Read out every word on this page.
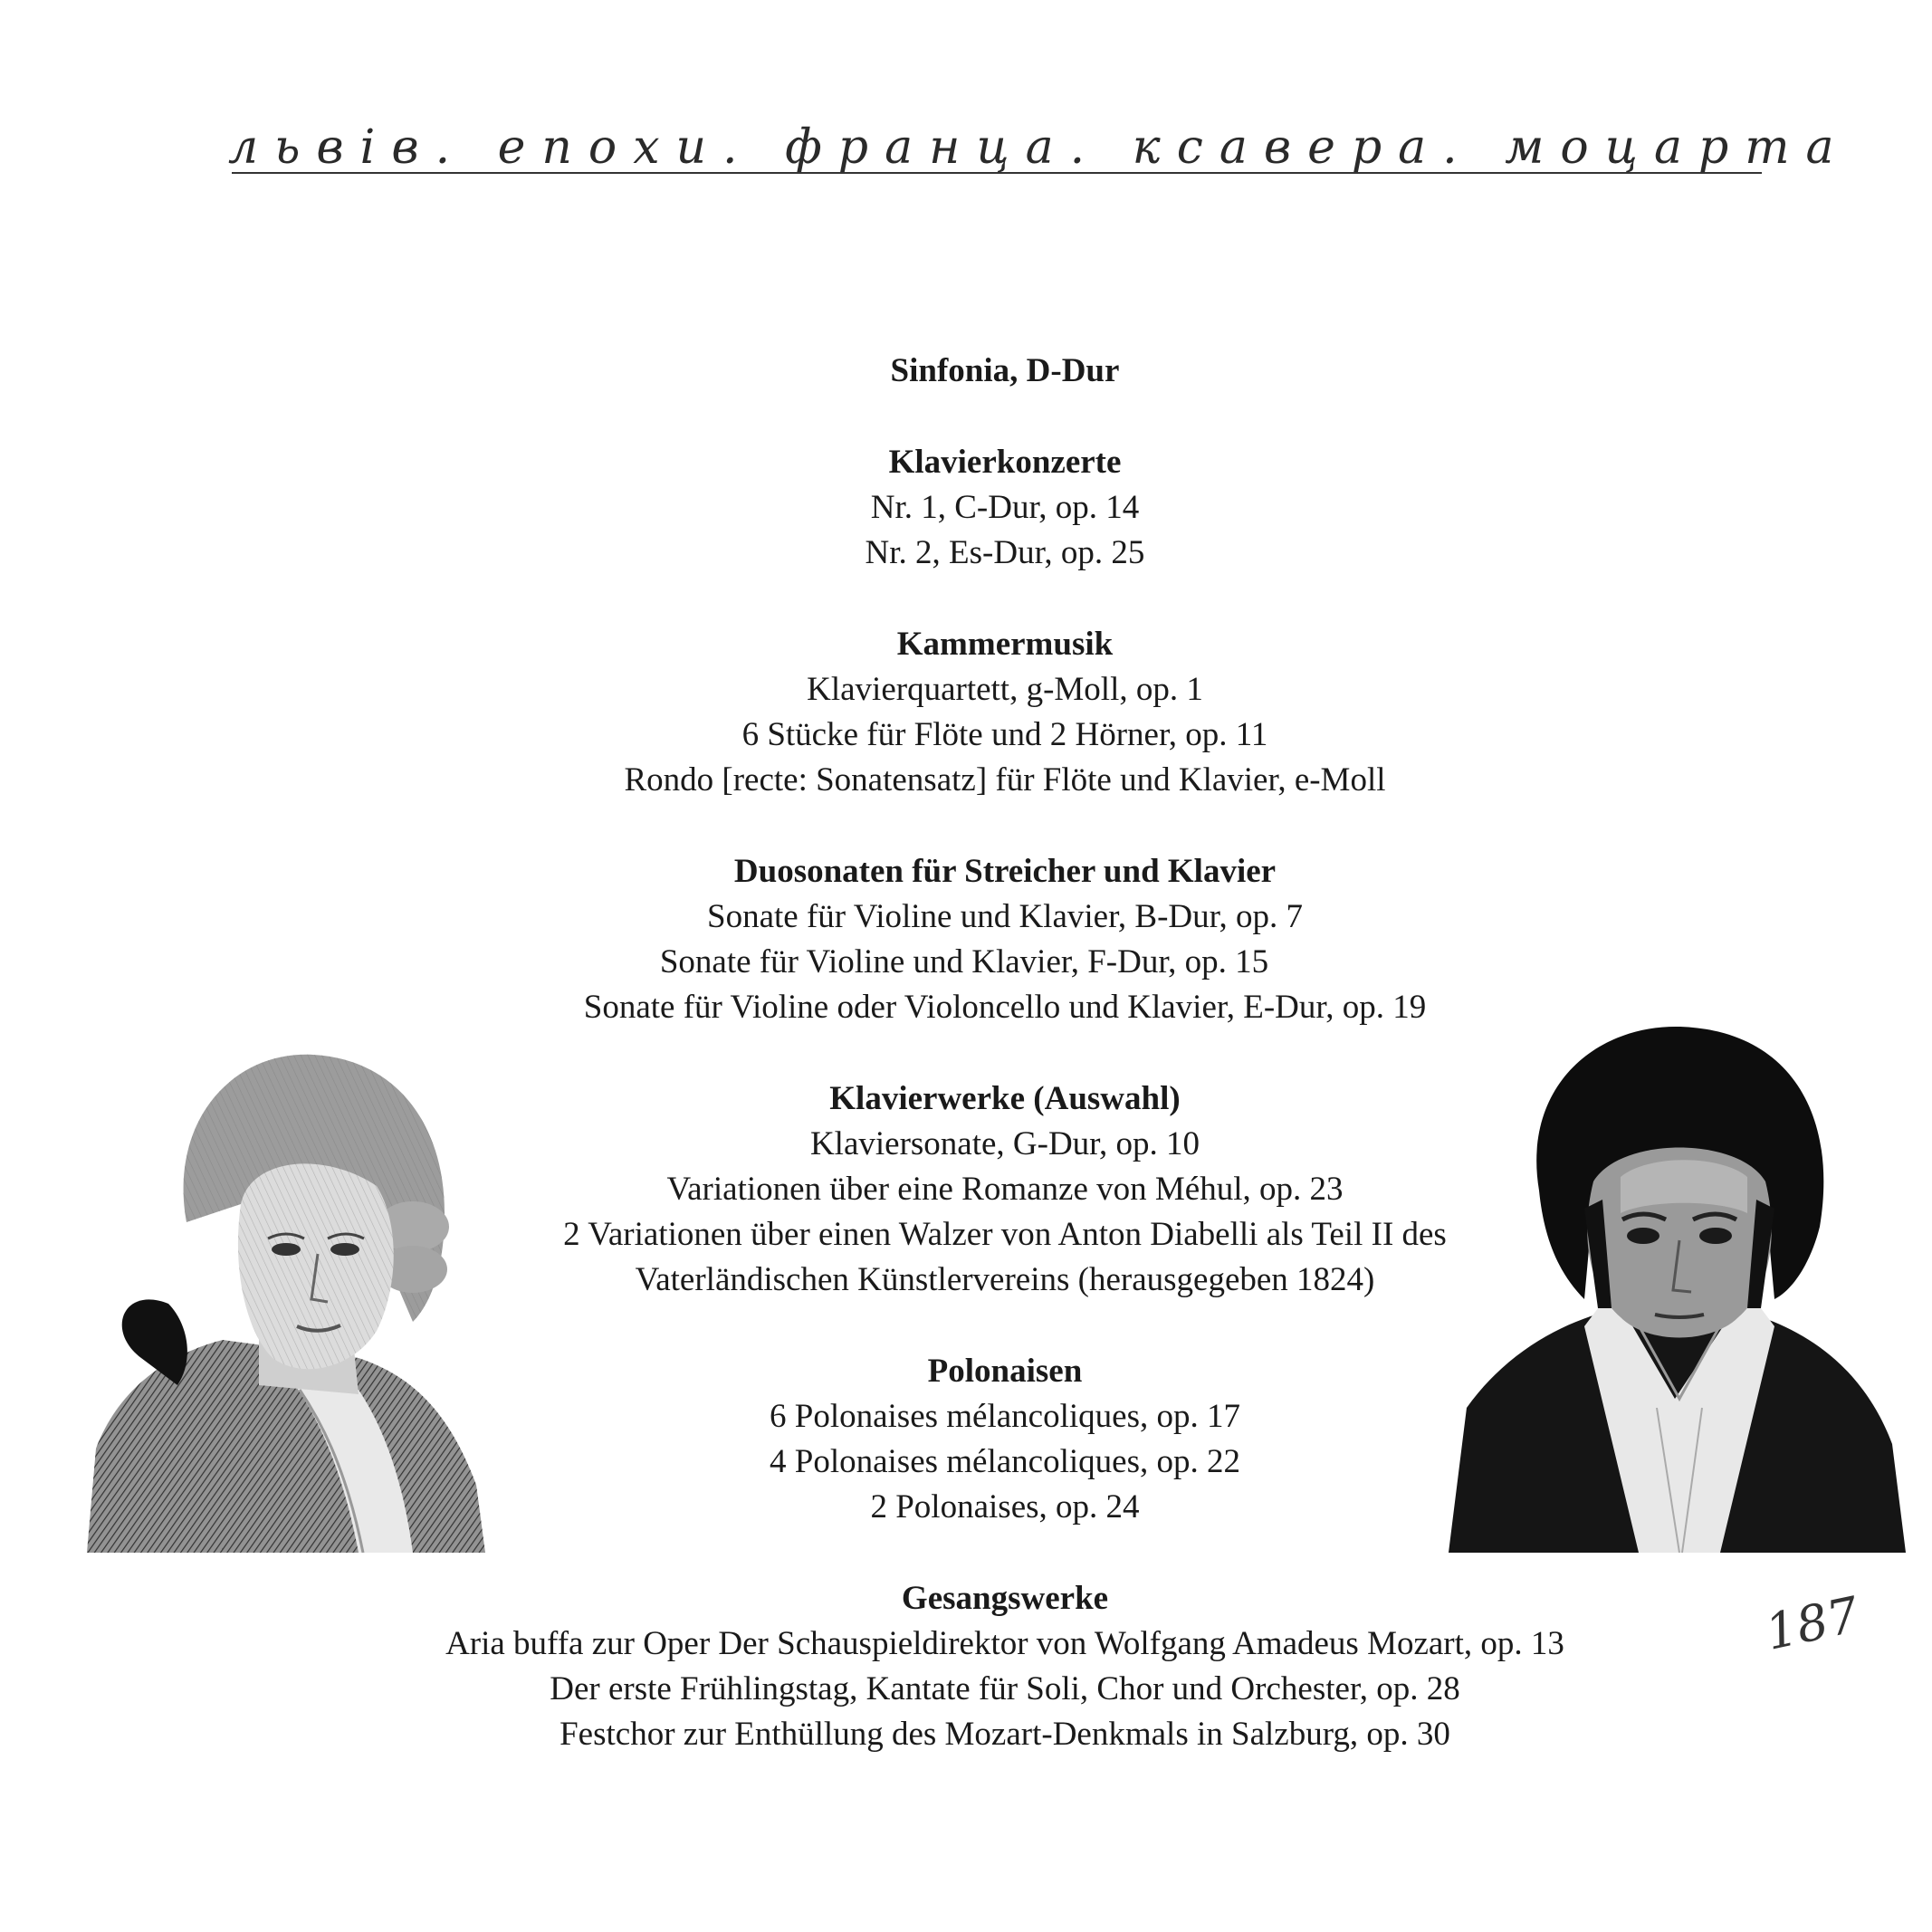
львів. епохи. франца. ксавера. моцарта
Sinfonia, D-Dur
Klavierkonzerte
Nr. 1, C-Dur, op. 14
Nr. 2, Es-Dur, op. 25
Kammermusik
Klavierquartett, g-Moll, op. 1
6 Stücke für Flöte und 2 Hörner, op. 11
Rondo [recte: Sonatensatz] für Flöte und Klavier, e-Moll
Duosonaten für Streicher und Klavier
Sonate für Violine und Klavier, B-Dur, op. 7
Sonate für Violine und Klavier, F-Dur, op. 15
Sonate für Violine oder Violoncello und Klavier, E-Dur, op. 19
Klavierwerke (Auswahl)
Klaviersonate, G-Dur, op. 10
Variationen über eine Romanze von Méhul, op. 23
2 Variationen über einen Walzer von Anton Diabelli als Teil II des
Vaterländischen Künstlervereins (herausgegeben 1824)
Polonaisen
6 Polonaises mélancoliques, op. 17
4 Polonaises mélancoliques, op. 22
2 Polonaises, op. 24
Gesangswerke
Aria buffa zur Oper Der Schauspieldirektor von Wolfgang Amadeus Mozart, op. 13
Der erste Frühlingstag, Kantate für Soli, Chor und Orchester, op. 28
Festchor zur Enthüllung des Mozart-Denkmals in Salzburg, op. 30
187
